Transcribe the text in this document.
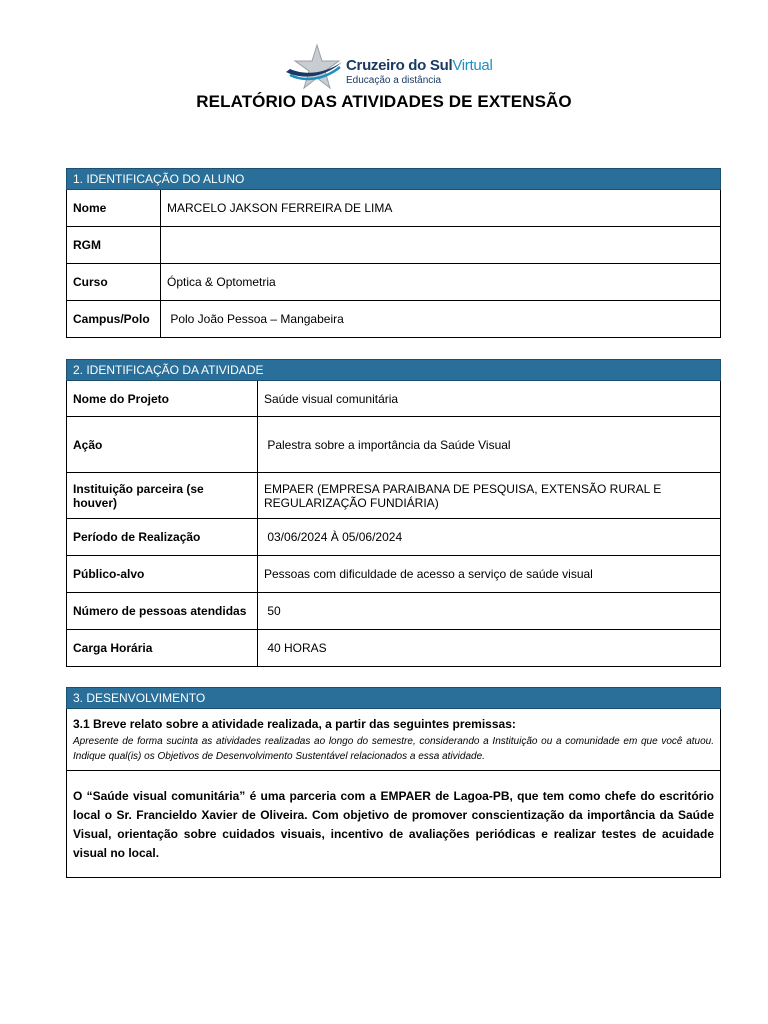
Cruzeiro do SulVirtual
Educação a distância
RELATÓRIO DAS ATIVIDADES DE EXTENSÃO
1. IDENTIFICAÇÃO DO ALUNO	
Nome	MARCELO JAKSON FERREIRA DE LIMA
RGM	
Curso	Óptica & Optometria
Campus/Polo	Polo João Pessoa – Mangabeira
2. IDENTIFICAÇÃO DA ATIVIDADE	
Nome do Projeto	Saúde visual comunitária
Ação	Palestra sobre a importância da Saúde Visual
Instituição parceira (se houver)	EMPAER (EMPRESA PARAIBANA DE PESQUISA, EXTENSÃO RURAL E REGULARIZAÇÃO FUNDIÁRIA)
Período de Realização	03/06/2024 À 05/06/2024
Público-alvo	Pessoas com dificuldade de acesso a serviço de saúde visual
Número de pessoas atendidas	50
Carga Horária	40 HORAS
3. DESENVOLVIMENTO

3.1 Breve relato sobre a atividade realizada, a partir das seguintes premissas:
Apresente de forma sucinta as atividades realizadas ao longo do semestre, considerando a Instituição ou a comunidade em que você atuou. Indique qual(is) os Objetivos de Desenvolvimento Sustentável relacionados a essa atividade.

O “Saúde visual comunitária” é uma parceria com a EMPAER de Lagoa-PB, que tem como chefe do escritório local o Sr. Francieldo Xavier de Oliveira. Com objetivo de promover conscientização da importância da Saúde Visual, orientação sobre cuidados visuais, incentivo de avaliações periódicas e realizar testes de acuidade visual no local.
